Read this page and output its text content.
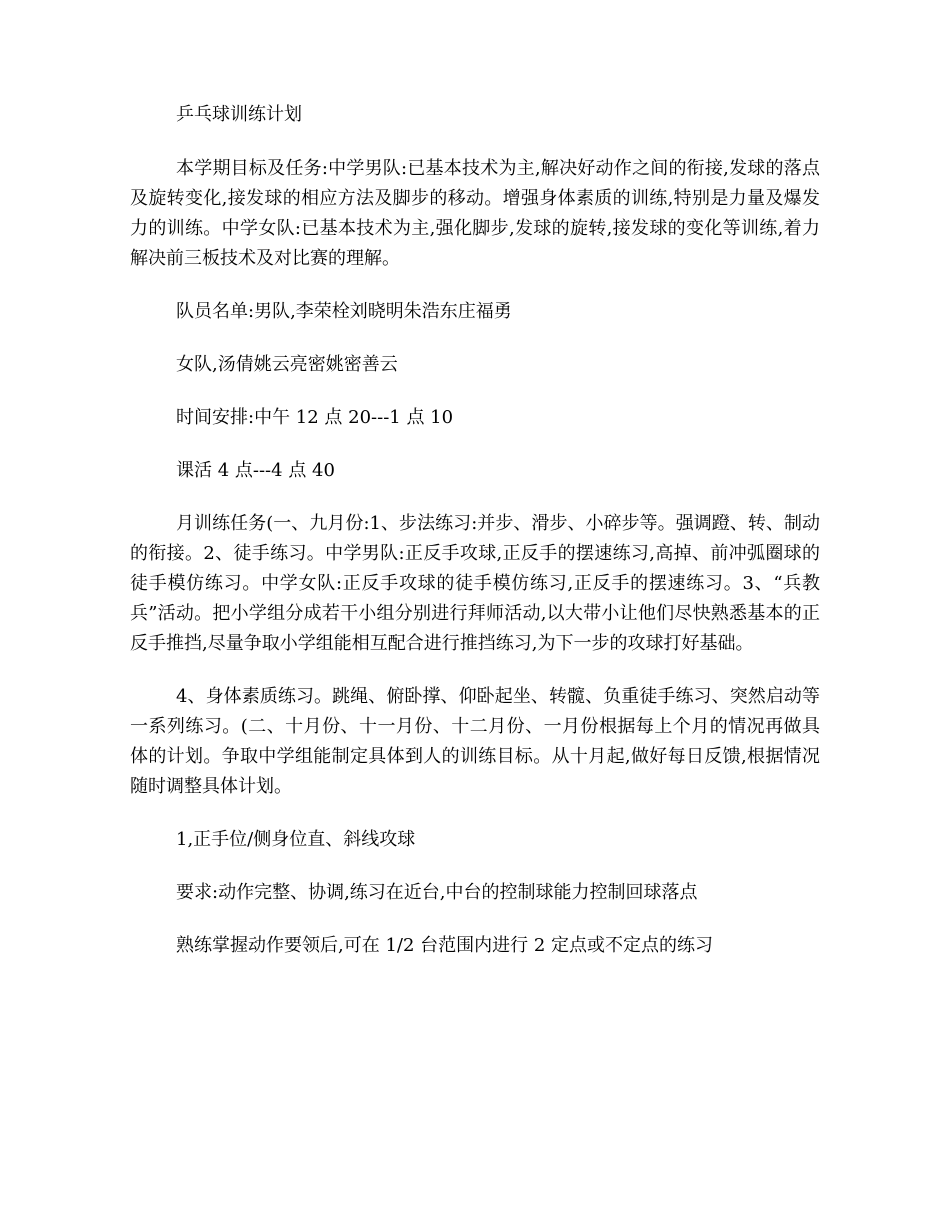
乒乓球训练计划

本学期目标及任务:中学男队:已基本技术为主,解决好动作之间的衔接,发球的落点及旋转变化,接发球的相应方法及脚步的移动。增强身体素质的训练,特别是力量及爆发力的训练。中学女队:已基本技术为主,强化脚步,发球的旋转,接发球的变化等训练,着力解决前三板技术及对比赛的理解。

队员名单:男队,李荣栓刘晓明朱浩东庄福勇

女队,汤倩姚云亮密姚密善云

时间安排:中午 12 点 20---1 点 10

课活 4 点---4 点 40

月训练任务(一、九月份:1、步法练习:并步、滑步、小碎步等。强调蹬、转、制动的衔接。2、徒手练习。中学男队:正反手攻球,正反手的摆速练习,高掉、前冲弧圈球的徒手模仿练习。中学女队:正反手攻球的徒手模仿练习,正反手的摆速练习。3、“兵教兵”活动。把小学组分成若干小组分别进行拜师活动,以大带小让他们尽快熟悉基本的正反手推挡,尽量争取小学组能相互配合进行推挡练习,为下一步的攻球打好基础。

4、身体素质练习。跳绳、俯卧撑、仰卧起坐、转髋、负重徒手练习、突然启动等一系列练习。(二、十月份、十一月份、十二月份、一月份根据每上个月的情况再做具体的计划。争取中学组能制定具体到人的训练目标。从十月起,做好每日反馈,根据情况随时调整具体计划。

1,正手位/侧身位直、斜线攻球

要求:动作完整、协调,练习在近台,中台的控制球能力控制回球落点

熟练掌握动作要领后,可在 1/2 台范围内进行 2 定点或不定点的练习
